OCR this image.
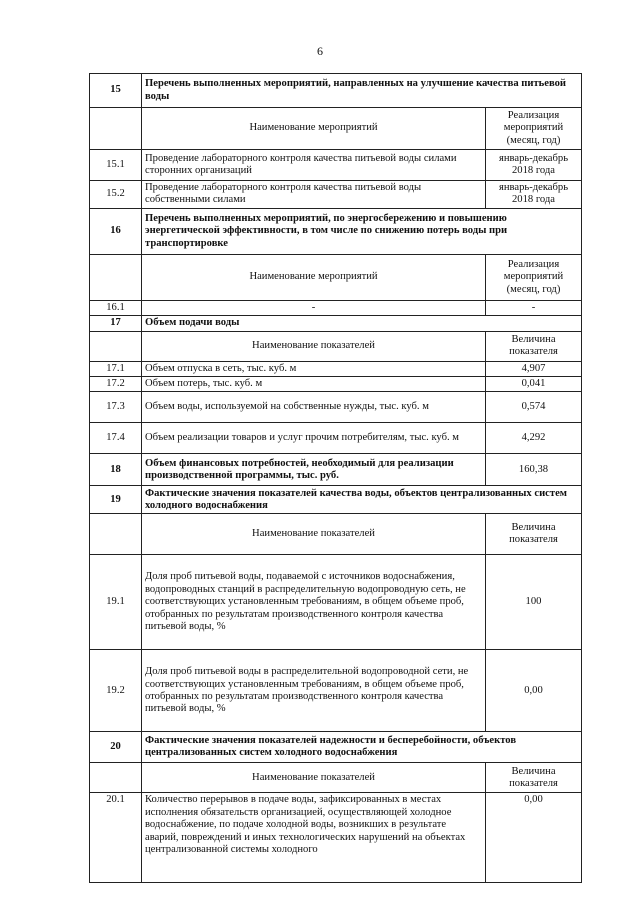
6
15	Перечень выполненных мероприятий, направленных на улучшение качества питьевой воды	
	Наименование мероприятий	Реализация мероприятий (месяц, год)
15.1	Проведение лабораторного контроля качества питьевой воды силами сторонних организаций	январь-декабрь 2018 года
15.2	Проведение лабораторного контроля качества питьевой воды собственными силами	январь-декабрь 2018 года
16	Перечень выполненных мероприятий, по энергосбережению и повышению энергетической эффективности, в том числе по снижению потерь воды при транспортировке	
	Наименование мероприятий	Реализация мероприятий (месяц, год)
16.1	-	-
17	Объем подачи воды	
	Наименование показателей	Величина показателя
17.1	Объем отпуска в сеть, тыс. куб. м	4,907
17.2	Объем потерь, тыс. куб. м	0,041
17.3	Объем воды, используемой на собственные нужды, тыс. куб. м	0,574
17.4	Объем реализации товаров и услуг прочим потребителям, тыс. куб. м	4,292
18	Объем финансовых потребностей, необходимый для реализации производственной программы, тыс. руб.	160,38
19	Фактические значения показателей качества воды, объектов централизованных систем холодного водоснабжения	
	Наименование показателей	Величина показателя
19.1	Доля проб питьевой воды, подаваемой с источников водоснабжения, водопроводных станций в распределительную водопроводную сеть, не соответствующих установленным требованиям, в общем объеме проб, отобранных по результатам производственного контроля качества питьевой воды, %	100
19.2	Доля проб питьевой воды в распределительной водопроводной сети, не соответствующих установленным требованиям, в общем объеме проб, отобранных по результатам производственного контроля качества питьевой воды, %	0,00
20	Фактические значения показателей надежности и бесперебойности, объектов централизованных систем холодного водоснабжения	
	Наименование показателей	Величина показателя
20.1	Количество перерывов в подаче воды, зафиксированных в местах исполнения обязательств организацией, осуществляющей холодное водоснабжение, по подаче холодной воды, возникших в результате аварий, повреждений и иных технологических нарушений на объектах централизованной системы холодного	0,00
